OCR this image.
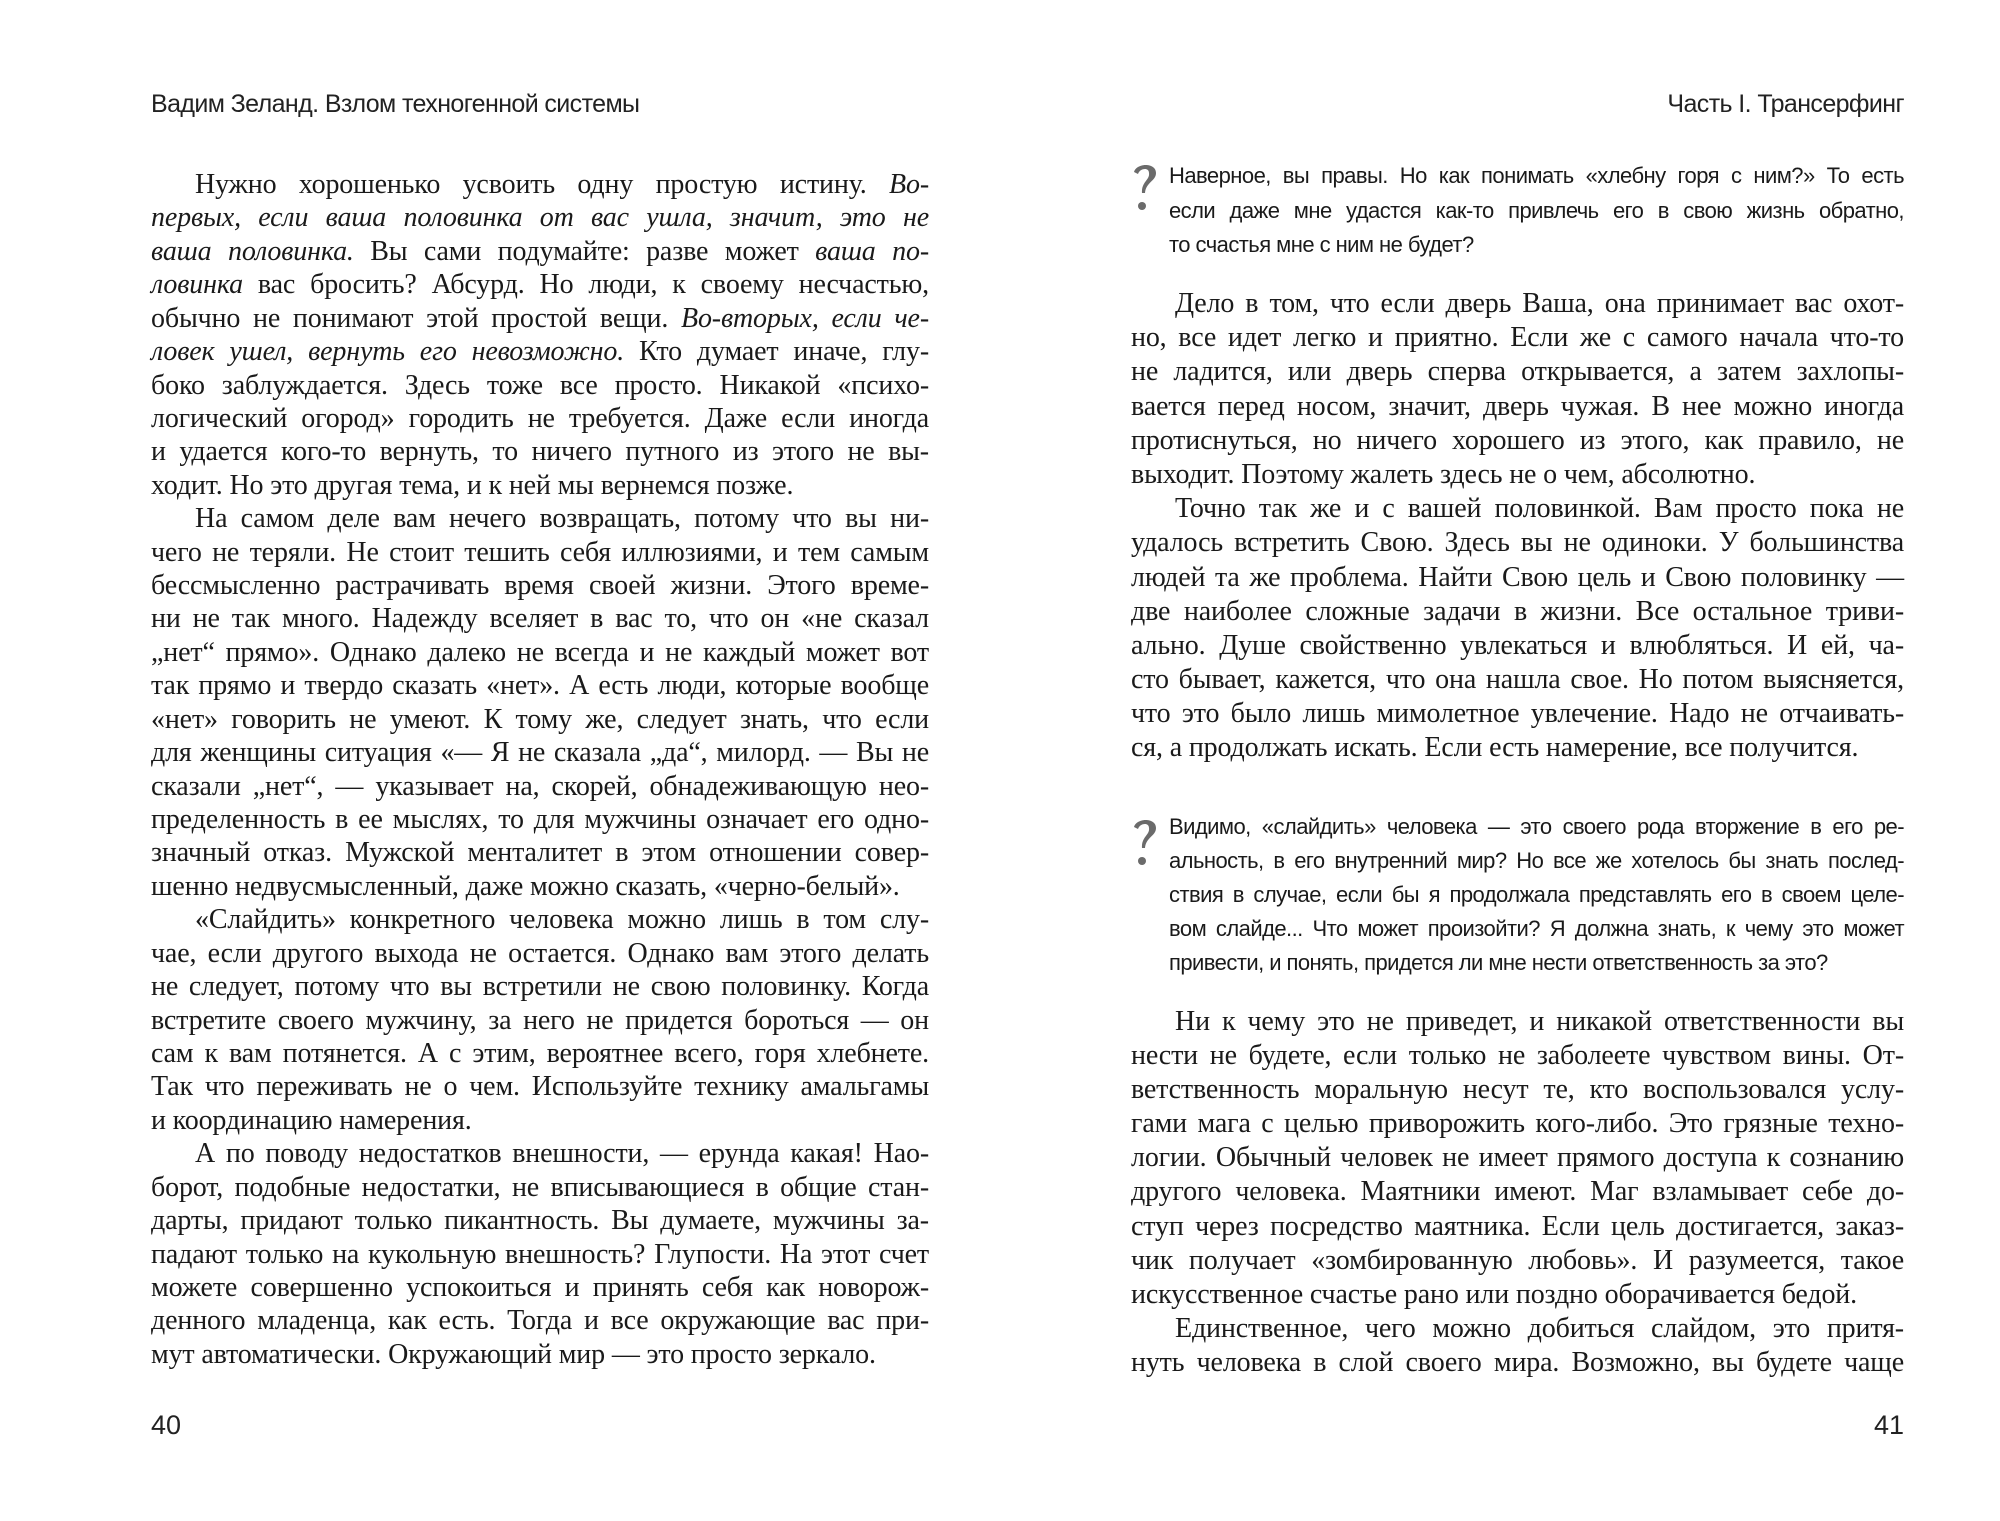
Вадим Зеланд. Взлом техногенной системы	Часть I. Трансерфинг
Нужно хорошенько усвоить одну простую истину. Во-
первых, если ваша половинка от вас ушла, значит, это не
ваша половинка. Вы сами подумайте: разве может ваша по-
ловинка вас бросить? Абсурд. Но люди, к своему несчастью,
обычно не понимают этой простой вещи. Во-вторых, если че-
ловек ушел, вернуть его невозможно. Кто думает иначе, глу-
боко заблуждается. Здесь тоже все просто. Никакой «психо-
логический огород» городить не требуется. Даже если иногда
и удается кого-то вернуть, то ничего путного из этого не вы-
ходит. Но это другая тема, и к ней мы вернемся позже.
На самом деле вам нечего возвращать, потому что вы ни-
чего не теряли. Не стоит тешить себя иллюзиями, и тем самым
бессмысленно растрачивать время своей жизни. Этого време-
ни не так много. Надежду вселяет в вас то, что он «не сказал
„нет“ прямо». Однако далеко не всегда и не каждый может вот
так прямо и твердо сказать «нет». А есть люди, которые вообще
«нет» говорить не умеют. К тому же, следует знать, что если
для женщины ситуация «— Я не сказала „да“, милорд. — Вы не
сказали „нет“, — указывает на, скорей, обнадеживающую нео-
пределенность в ее мыслях, то для мужчины означает его одно-
значный отказ. Мужской менталитет в этом отношении совер-
шенно недвусмысленный, даже можно сказать, «черно-белый».
«Слайдить» конкретного человека можно лишь в том слу-
чае, если другого выхода не остается. Однако вам этого делать
не следует, потому что вы встретили не свою половинку. Когда
встретите своего мужчину, за него не придется бороться — он
сам к вам потянется. А с этим, вероятнее всего, горя хлебнете.
Так что переживать не о чем. Используйте технику амальгамы
и координацию намерения.
А по поводу недостатков внешности, — ерунда какая! Нао-
борот, подобные недостатки, не вписывающиеся в общие стан-
дарты, придают только пикантность. Вы думаете, мужчины за-
падают только на кукольную внешность? Глупости. На этот счет
можете совершенно успокоиться и принять себя как новорож-
денного младенца, как есть. Тогда и все окружающие вас при-
мут автоматически. Окружающий мир — это просто зеркало.
Наверное, вы правы. Но как понимать «хлебну горя с ним?» То есть
если даже мне удастся как-то привлечь его в свою жизнь обратно,
то счастья мне с ним не будет?
Дело в том, что если дверь Ваша, она принимает вас охот-
но, все идет легко и приятно. Если же с самого начала что-то
не ладится, или дверь сперва открывается, а затем захлопы-
вается перед носом, значит, дверь чужая. В нее можно иногда
протиснуться, но ничего хорошего из этого, как правило, не
выходит. Поэтому жалеть здесь не о чем, абсолютно.
Точно так же и с вашей половинкой. Вам просто пока не
удалось встретить Свою. Здесь вы не одиноки. У большинства
людей та же проблема. Найти Свою цель и Свою половинку —
две наиболее сложные задачи в жизни. Все остальное триви-
ально. Душе свойственно увлекаться и влюбляться. И ей, ча-
сто бывает, кажется, что она нашла свое. Но потом выясняется,
что это было лишь мимолетное увлечение. Надо не отчаивать-
ся, а продолжать искать. Если есть намерение, все получится.
Видимо, «слайдить» человека — это своего рода вторжение в его ре-
альность, в его внутренний мир? Но все же хотелось бы знать послед-
ствия в случае, если бы я продолжала представлять его в своем целе-
вом слайде... Что может произойти? Я должна знать, к чему это может
привести, и понять, придется ли мне нести ответственность за это?
Ни к чему это не приведет, и никакой ответственности вы
нести не будете, если только не заболеете чувством вины. От-
ветственность моральную несут те, кто воспользовался услу-
гами мага с целью приворожить кого-либо. Это грязные техно-
логии. Обычный человек не имеет прямого доступа к сознанию
другого человека. Маятники имеют. Маг взламывает себе до-
ступ через посредство маятника. Если цель достигается, заказ-
чик получает «зомбированную любовь». И разумеется, такое
искусственное счастье рано или поздно оборачивается бедой.
Единственное, чего можно добиться слайдом, это притя-
нуть человека в слой своего мира. Возможно, вы будете чаще
40	41
